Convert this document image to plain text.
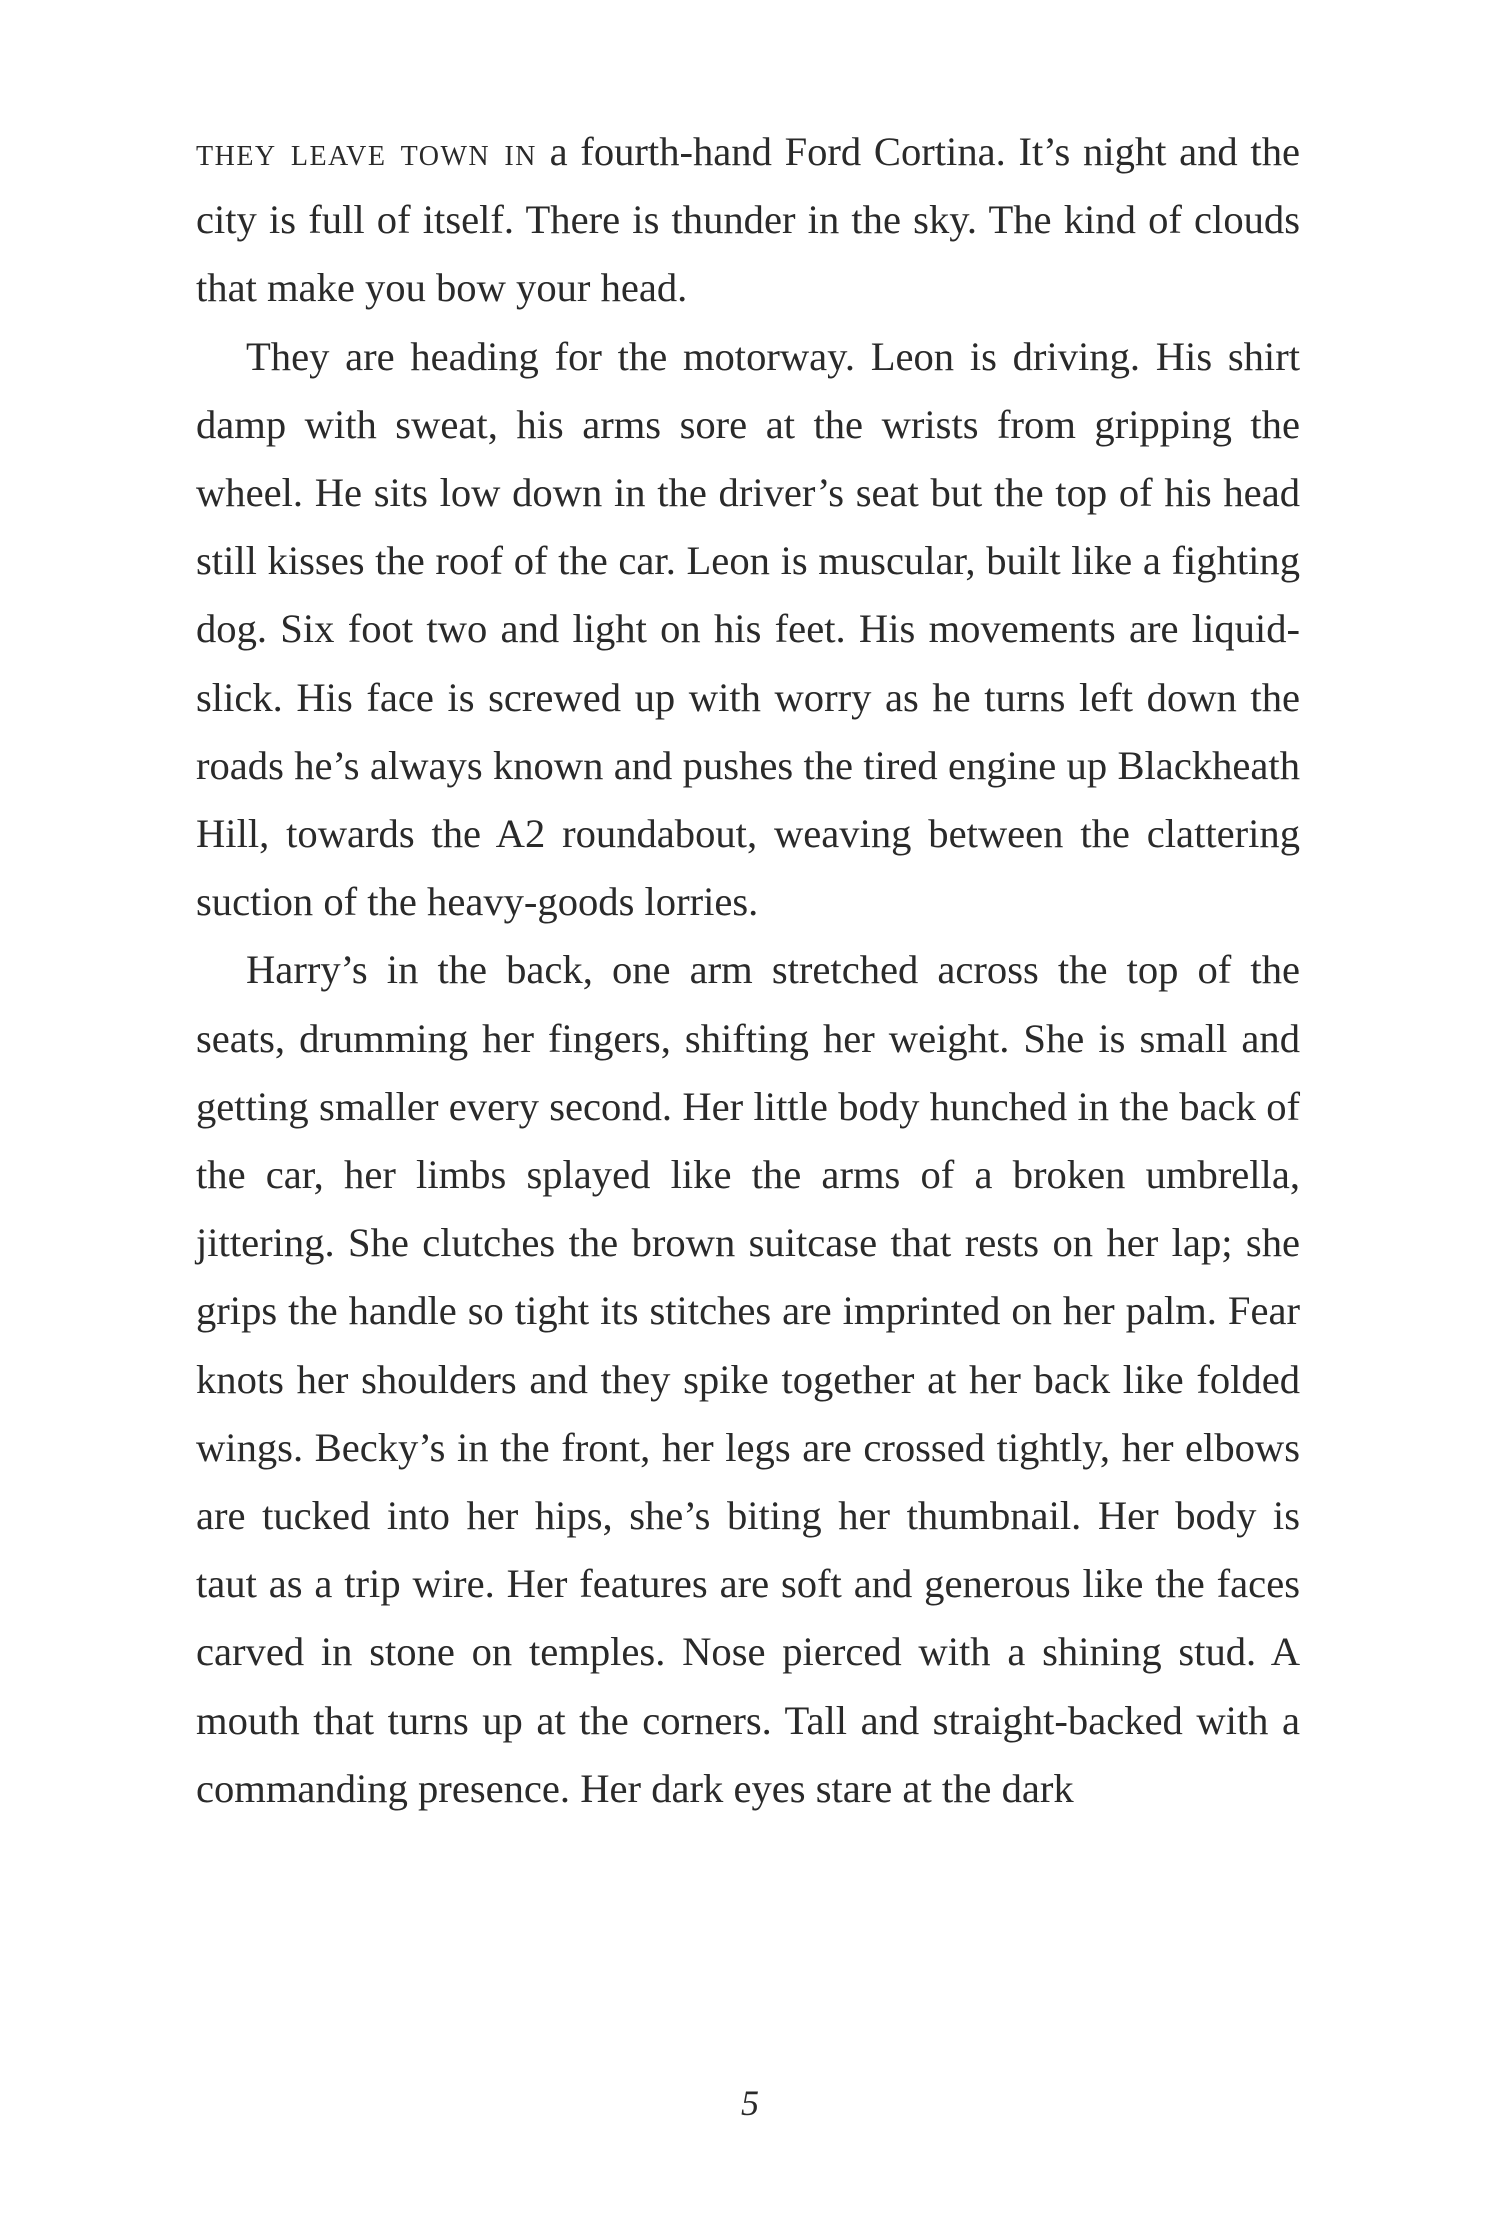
they leave town in a fourth-hand Ford Cortina. It’s night and the city is full of itself. There is thunder in the sky. The kind of clouds that make you bow your head.

They are heading for the motorway. Leon is driving. His shirt damp with sweat, his arms sore at the wrists from gripping the wheel. He sits low down in the driver’s seat but the top of his head still kisses the roof of the car. Leon is muscular, built like a fighting dog. Six foot two and light on his feet. His movements are liquid-slick. His face is screwed up with worry as he turns left down the roads he’s always known and pushes the tired engine up Blackheath Hill, towards the A2 roundabout, weaving between the clattering suction of the heavy-goods lorries.

Harry’s in the back, one arm stretched across the top of the seats, drumming her fingers, shifting her weight. She is small and getting smaller every second. Her little body hunched in the back of the car, her limbs splayed like the arms of a broken umbrella, jittering. She clutches the brown suitcase that rests on her lap; she grips the handle so tight its stitches are imprinted on her palm. Fear knots her shoulders and they spike together at her back like folded wings. Becky’s in the front, her legs are crossed tightly, her elbows are tucked into her hips, she’s biting her thumbnail. Her body is taut as a trip wire. Her features are soft and generous like the faces carved in stone on temples. Nose pierced with a shining stud. A mouth that turns up at the corners. Tall and straight-backed with a commanding presence. Her dark eyes stare at the dark

5
